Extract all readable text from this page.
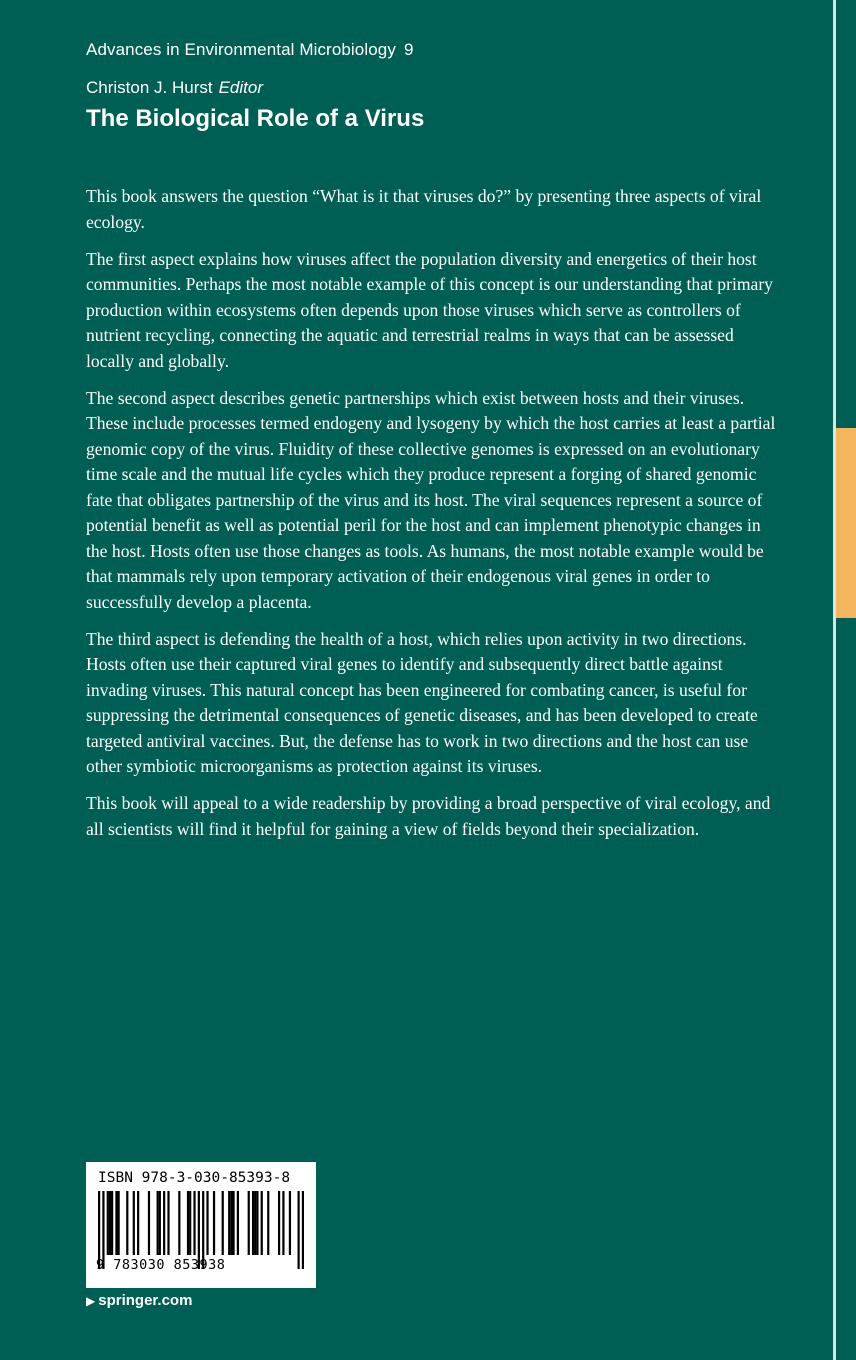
Advances in Environmental Microbiology 9
Christon J. Hurst Editor
The Biological Role of a Virus

This book answers the question “What is it that viruses do?” by presenting three aspects of viral ecology.

The first aspect explains how viruses affect the population diversity and energetics of their host communities. Perhaps the most notable example of this concept is our understanding that primary production within ecosystems often depends upon those viruses which serve as controllers of nutrient recycling, connecting the aquatic and terrestrial realms in ways that can be assessed locally and globally.

The second aspect describes genetic partnerships which exist between hosts and their viruses. These include processes termed endogeny and lysogeny by which the host carries at least a partial genomic copy of the virus. Fluidity of these collective genomes is expressed on an evolutionary time scale and the mutual life cycles which they produce represent a forging of shared genomic fate that obligates partnership of the virus and its host. The viral sequences represent a source of potential benefit as well as potential peril for the host and can implement phenotypic changes in the host. Hosts often use those changes as tools. As humans, the most notable example would be that mammals rely upon temporary activation of their endogenous viral genes in order to successfully develop a placenta.

The third aspect is defending the health of a host, which relies upon activity in two directions. Hosts often use their captured viral genes to identify and subsequently direct battle against invading viruses. This natural concept has been engineered for combating cancer, is useful for suppressing the detrimental consequences of genetic diseases, and has been developed to create targeted antiviral vaccines. But, the defense has to work in two directions and the host can use other symbiotic microorganisms as protection against its viruses.

This book will appeal to a wide readership by providing a broad perspective of viral ecology, and all scientists will find it helpful for gaining a view of fields beyond their specialization.

ISBN 978-3-030-85393-8
9 783030 853938
▶ springer.com
